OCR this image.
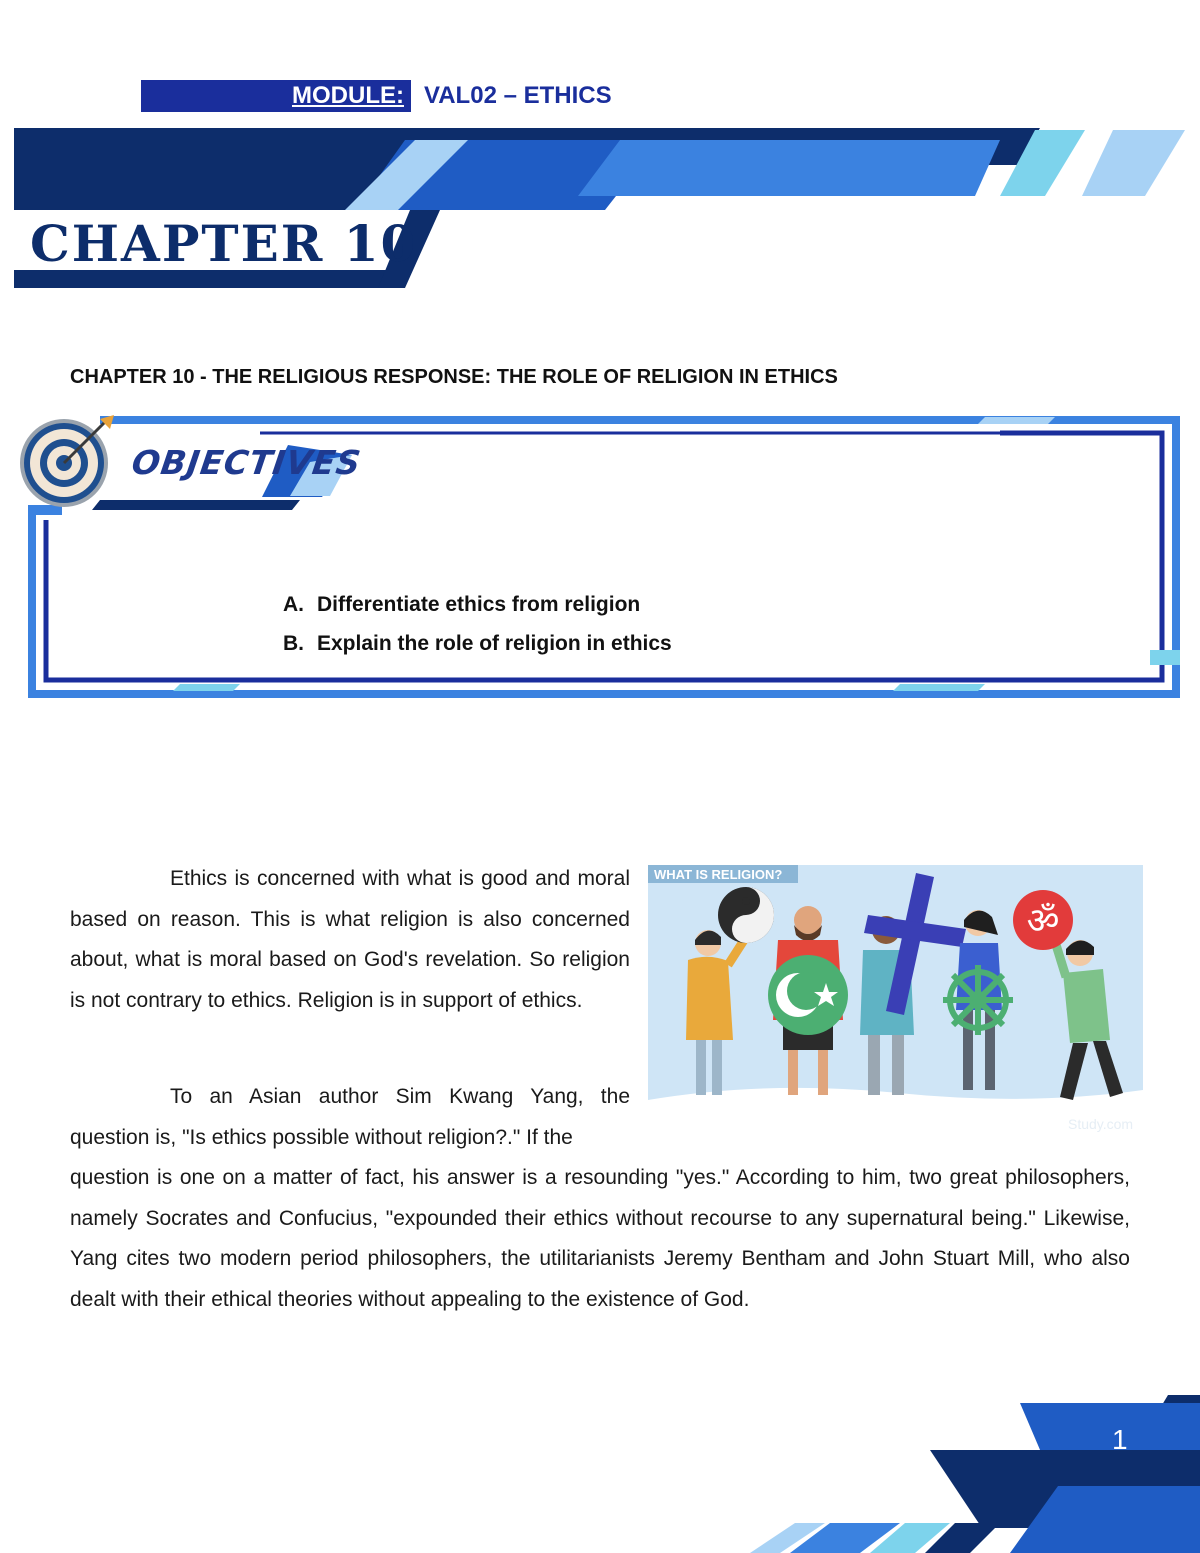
MODULE: VAL02 – ETHICS
CHAPTER 10
CHAPTER 10 - THE RELIGIOUS RESPONSE: THE ROLE OF RELIGION IN ETHICS
OBJECTIVES
A. Differentiate ethics from religion
B. Explain the role of religion in ethics
Ethics is concerned with what is good and moral based on reason. This is what religion is also concerned about, what is moral based on God's revelation. So religion is not contrary to ethics. Religion is in support of ethics.
To an Asian author Sim Kwang Yang, the question is, "Is ethics possible without religion?." If the
question is one on a matter of fact, his answer is a resounding "yes." According to him, two great philosophers, namely Socrates and Confucius, "expounded their ethics without recourse to any supernatural being." Likewise, Yang cites two modern period philosophers, the utilitarianists Jeremy Bentham and John Stuart Mill, who also dealt with their ethical theories without appealing to the existence of God.
WHAT IS RELIGION?
ॐ
Study.com
1
